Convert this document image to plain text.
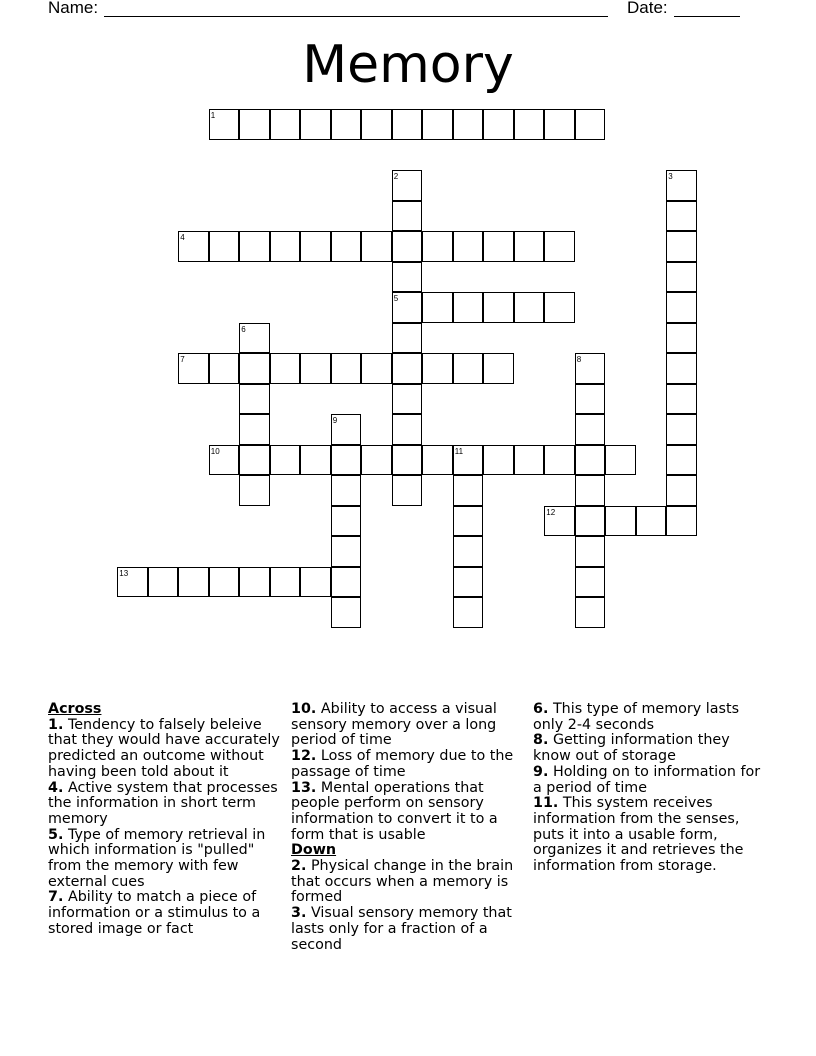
Name:	Date:
Memory
1
2
5
3
4
6
7	8
9
10	11
12
13
Across
1. Tendency to falsely beleive that they would have accurately predicted an outcome without having been told about it
4. Active system that processes the information in short term memory
5. Type of memory retrieval in which information is "pulled" from the memory with few external cues
7. Ability to match a piece of information or a stimulus to a stored image or fact
10. Ability to access a visual sensory memory over a long period of time
12. Loss of memory due to the passage of time
13. Mental operations that people perform on sensory information to convert it to a form that is usable
Down
2. Physical change in the brain that occurs when a memory is formed
3. Visual sensory memory that lasts only for a fraction of a second
6. This type of memory lasts only 2-4 seconds
8. Getting information they know out of storage
9. Holding on to information for a period of time
11. This system receives information from the senses, puts it into a usable form, organizes it and retrieves the information from storage.
